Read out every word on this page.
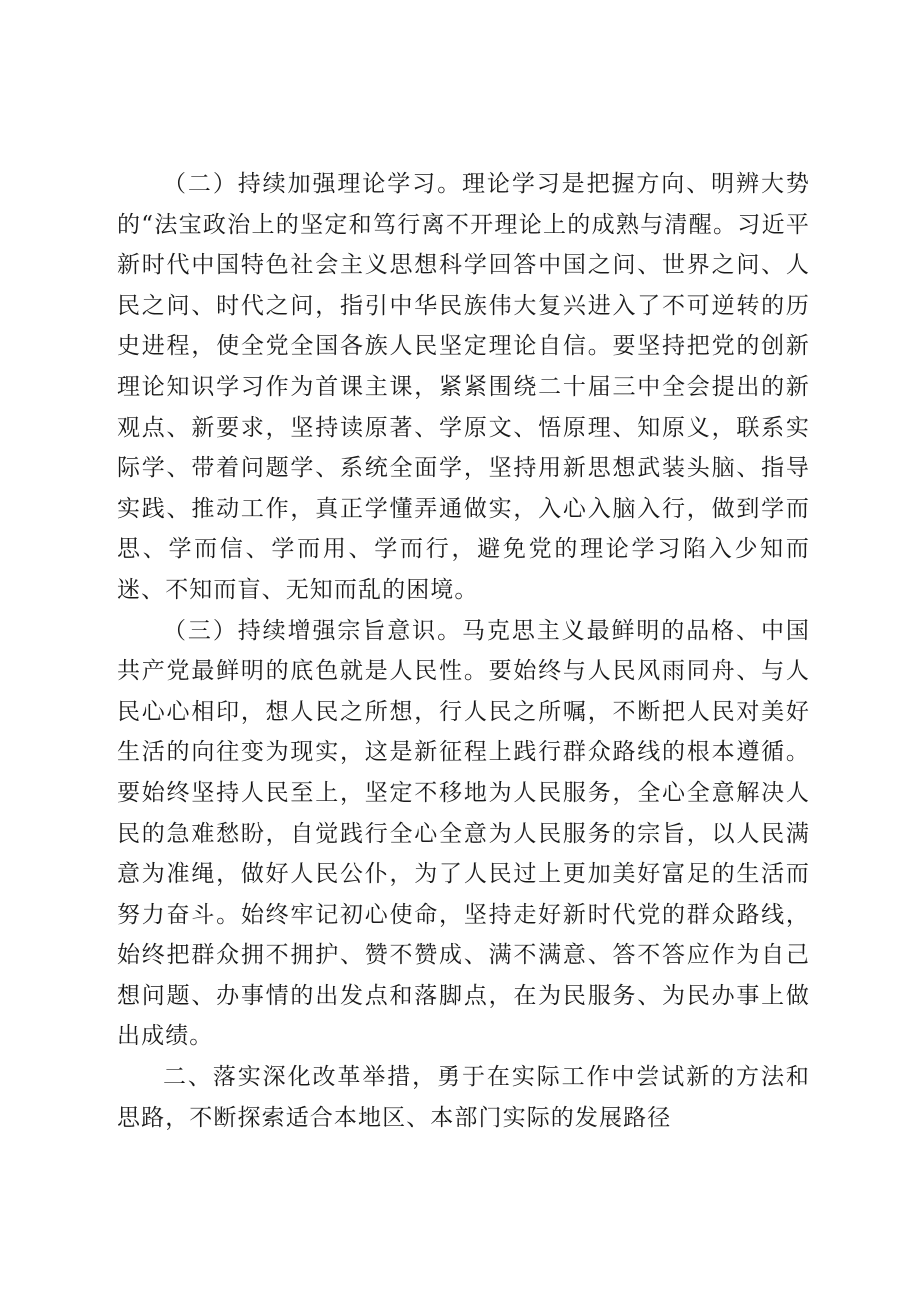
（二）持续加强理论学习。理论学习是把握方向、明辨大势的“法宝政治上的坚定和笃行离不开理论上的成熟与清醒。习近平新时代中国特色社会主义思想科学回答中国之问、世界之问、人民之问、时代之问，指引中华民族伟大复兴进入了不可逆转的历史进程，使全党全国各族人民坚定理论自信。要坚持把党的创新理论知识学习作为首课主课，紧紧围绕二十届三中全会提出的新观点、新要求，坚持读原著、学原文、悟原理、知原义，联系实际学、带着问题学、系统全面学，坚持用新思想武装头脑、指导实践、推动工作，真正学懂弄通做实，入心入脑入行，做到学而思、学而信、学而用、学而行，避免党的理论学习陷入少知而迷、不知而盲、无知而乱的困境。

（三）持续增强宗旨意识。马克思主义最鲜明的品格、中国共产党最鲜明的底色就是人民性。要始终与人民风雨同舟、与人民心心相印，想人民之所想，行人民之所嘱，不断把人民对美好生活的向往变为现实，这是新征程上践行群众路线的根本遵循。要始终坚持人民至上，坚定不移地为人民服务，全心全意解决人民的急难愁盼，自觉践行全心全意为人民服务的宗旨，以人民满意为准绳，做好人民公仆，为了人民过上更加美好富足的生活而努力奋斗。始终牢记初心使命，坚持走好新时代党的群众路线，始终把群众拥不拥护、赞不赞成、满不满意、答不答应作为自己想问题、办事情的出发点和落脚点，在为民服务、为民办事上做出成绩。

二、落实深化改革举措，勇于在实际工作中尝试新的方法和思路，不断探索适合本地区、本部门实际的发展路径
